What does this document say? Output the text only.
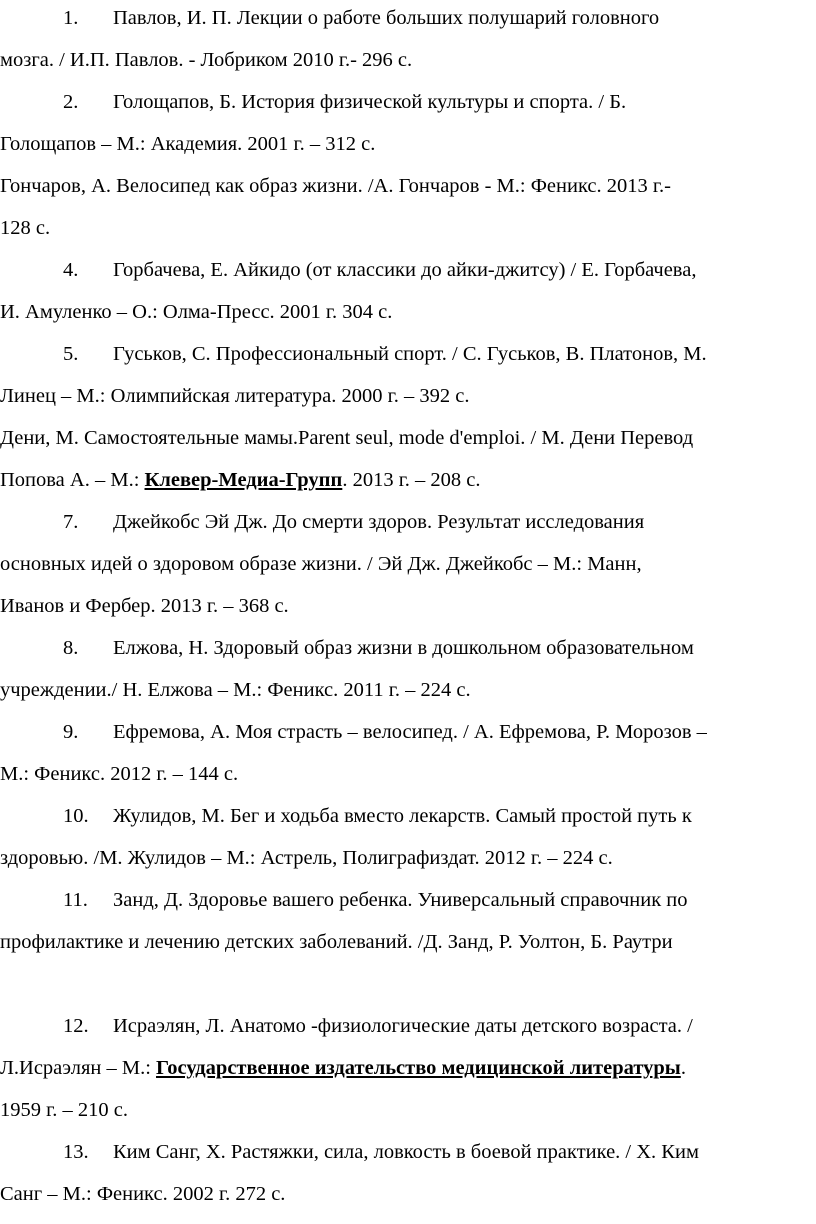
1. Павлов, И. П. Лекции о работе больших полушарий головного
мозга. / И.П. Павлов. - Лобриком 2010 г.- 296 с.
2. Голощапов, Б. История физической культуры и спорта. / Б.
Голощапов – М.: Академия. 2001 г. – 312 с.
Гончаров, А. Велосипед как образ жизни. /А. Гончаров - М.: Феникс. 2013 г.-
128 с.
4. Горбачева, Е. Айкидо (от классики до айки-джитсу) / Е. Горбачева,
И. Амуленко – О.: Олма-Пресс. 2001 г. 304 с.
5. Гуськов, С. Профессиональный спорт. / С. Гуськов, В. Платонов, М.
Линец – М.: Олимпийская литература. 2000 г. – 392 с.
Дени, М. Самостоятельные мамы.Parent seul, mode d'emploi. / М. Дени Перевод
Попова А. – М.: Клевер-Медиа-Групп. 2013 г. – 208 с.
7. Джейкобс Эй Дж. До смерти здоров. Результат исследования
основных идей о здоровом образе жизни. / Эй Дж. Джейкобс – М.: Манн,
Иванов и Фербер. 2013 г. – 368 с.
8. Елжова, Н. Здоровый образ жизни в дошкольном образовательном
учреждении./ Н. Елжова – М.: Феникс. 2011 г. – 224 с.
9. Ефремова, А. Моя страсть – велосипед. / А. Ефремова, Р. Морозов –
М.: Феникс. 2012 г. – 144 с.
10. Жулидов, М. Бег и ходьба вместо лекарств. Самый простой путь к
здоровью. /М. Жулидов – М.: Астрель, Полиграфиздат. 2012 г. – 224 с.
11. Занд, Д. Здоровье вашего ребенка. Универсальный справочник по
профилактике и лечению детских заболеваний. /Д. Занд, Р. Уолтон, Б. Раутри
12. Исраэлян, Л. Анатомо -физиологические даты детского возраста. /
Л.Исраэлян – М.: Государственное издательство медицинской литературы.
1959 г. – 210 с.
13. Ким Санг, Х. Растяжки, сила, ловкость в боевой практике. / Х. Ким
Санг – М.: Феникс. 2002 г. 272 с.
